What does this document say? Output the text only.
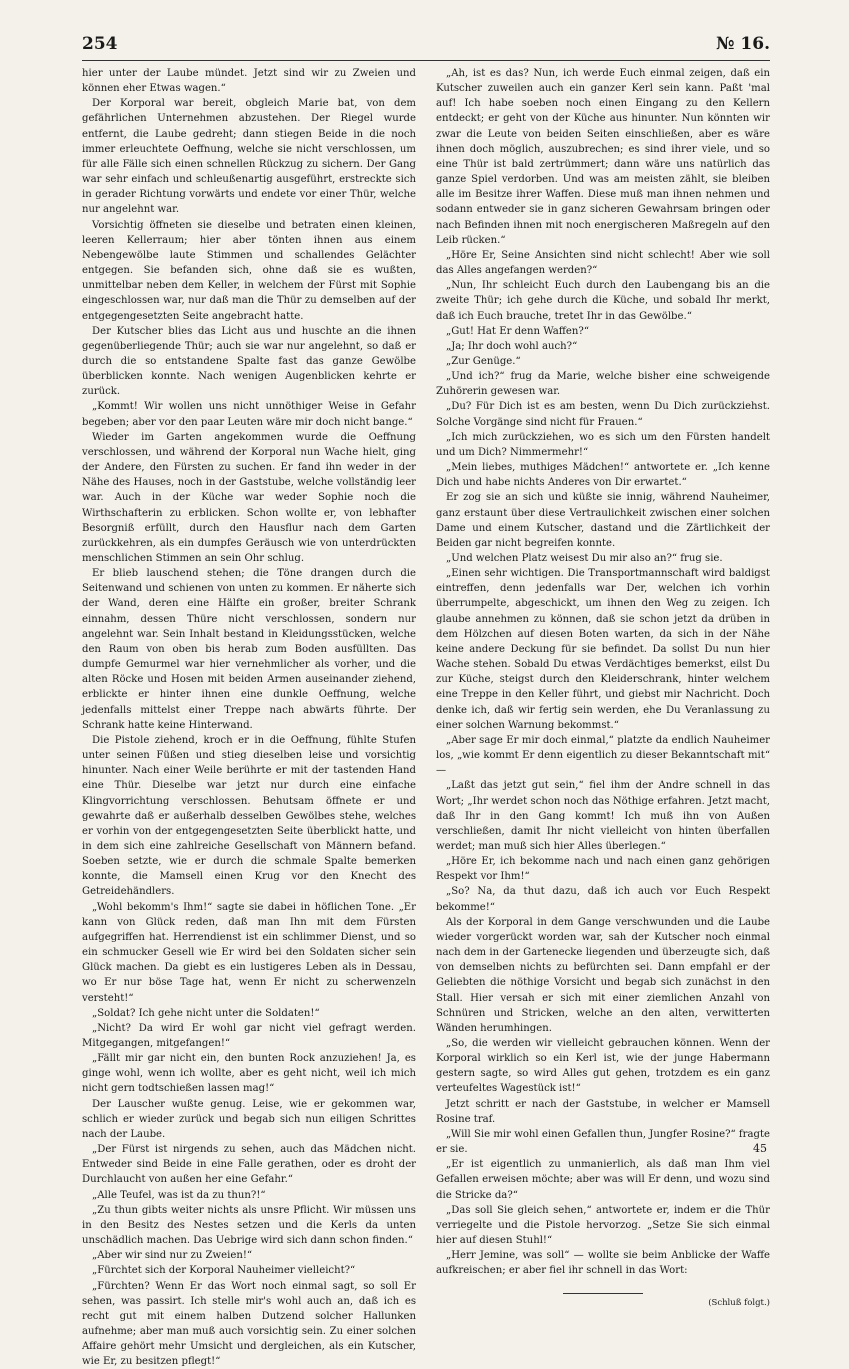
254	№ 16.

hier unter der Laube mündet. Jetzt sind wir zu Zweien und können eher Etwas wagen.“

Der Korporal war bereit, obgleich Marie bat, von dem gefährlichen Unternehmen abzustehen. Der Riegel wurde entfernt, die Laube gedreht; dann stiegen Beide in die noch immer erleuchtete Oeffnung, welche sie nicht verschlossen, um für alle Fälle sich einen schnellen Rückzug zu sichern. Der Gang war sehr einfach und schleußenartig ausgeführt, erstreckte sich in gerader Richtung vorwärts und endete vor einer Thür, welche nur angelehnt war.

Vorsichtig öffneten sie dieselbe und betraten einen kleinen, leeren Kellerraum; hier aber tönten ihnen aus einem Nebengewölbe laute Stimmen und schallendes Gelächter entgegen. Sie befanden sich, ohne daß sie es wußten, unmittelbar neben dem Keller, in welchem der Fürst mit Sophie eingeschlossen war, nur daß man die Thür zu demselben auf der entgegengesetzten Seite angebracht hatte.

Der Kutscher blies das Licht aus und huschte an die ihnen gegenüberliegende Thür; auch sie war nur angelehnt, so daß er durch die so entstandene Spalte fast das ganze Gewölbe überblicken konnte. Nach wenigen Augenblicken kehrte er zurück.

„Kommt! Wir wollen uns nicht unnöthiger Weise in Gefahr begeben; aber vor den paar Leuten wäre mir doch nicht bange.“

Wieder im Garten angekommen wurde die Oeffnung verschlossen, und während der Korporal nun Wache hielt, ging der Andere, den Fürsten zu suchen. Er fand ihn weder in der Nähe des Hauses, noch in der Gaststube, welche vollständig leer war. Auch in der Küche war weder Sophie noch die Wirthschafterin zu erblicken. Schon wollte er, von lebhafter Besorgniß erfüllt, durch den Hausflur nach dem Garten zurückkehren, als ein dumpfes Geräusch wie von unterdrückten menschlichen Stimmen an sein Ohr schlug.

Er blieb lauschend stehen; die Töne drangen durch die Seitenwand und schienen von unten zu kommen. Er näherte sich der Wand, deren eine Hälfte ein großer, breiter Schrank einnahm, dessen Thüre nicht verschlossen, sondern nur angelehnt war. Sein Inhalt bestand in Kleidungsstücken, welche den Raum von oben bis herab zum Boden ausfüllten. Das dumpfe Gemurmel war hier vernehmlicher als vorher, und die alten Röcke und Hosen mit beiden Armen auseinander ziehend, erblickte er hinter ihnen eine dunkle Oeffnung, welche jedenfalls mittelst einer Treppe nach abwärts führte. Der Schrank hatte keine Hinterwand.

Die Pistole ziehend, kroch er in die Oeffnung, fühlte Stufen unter seinen Füßen und stieg dieselben leise und vorsichtig hinunter. Nach einer Weile berührte er mit der tastenden Hand eine Thür. Dieselbe war jetzt nur durch eine einfache Klingvorrichtung verschlossen. Behutsam öffnete er und gewahrte daß er außerhalb desselben Gewölbes stehe, welches er vorhin von der entgegengesetzten Seite überblickt hatte, und in dem sich eine zahlreiche Gesellschaft von Männern befand. Soeben setzte, wie er durch die schmale Spalte bemerken konnte, die Mamsell einen Krug vor den Knecht des Getreidehändlers.

„Wohl bekomm's Ihm!“ sagte sie dabei in höflichen Tone. „Er kann von Glück reden, daß man Ihn mit dem Fürsten aufgegriffen hat. Herrendienst ist ein schlimmer Dienst, und so ein schmucker Gesell wie Er wird bei den Soldaten sicher sein Glück machen. Da giebt es ein lustigeres Leben als in Dessau, wo Er nur böse Tage hat, wenn Er nicht zu scherwenzeln versteht!“

„Soldat? Ich gehe nicht unter die Soldaten!“

„Nicht? Da wird Er wohl gar nicht viel gefragt werden. Mitgegangen, mitgefangen!“

„Fällt mir gar nicht ein, den bunten Rock anzuziehen! Ja, es ginge wohl, wenn ich wollte, aber es geht nicht, weil ich mich nicht gern todtschießen lassen mag!“

Der Lauscher wußte genug. Leise, wie er gekommen war, schlich er wieder zurück und begab sich nun eiligen Schrittes nach der Laube.

„Der Fürst ist nirgends zu sehen, auch das Mädchen nicht. Entweder sind Beide in eine Falle gerathen, oder es droht der Durchlaucht von außen her eine Gefahr.“

„Alle Teufel, was ist da zu thun?!“

„Zu thun gibts weiter nichts als unsre Pflicht. Wir müssen uns in den Besitz des Nestes setzen und die Kerls da unten unschädlich machen. Das Uebrige wird sich dann schon finden.“

„Aber wir sind nur zu Zweien!“

„Fürchtet sich der Korporal Nauheimer vielleicht?“

„Fürchten? Wenn Er das Wort noch einmal sagt, so soll Er sehen, was passirt. Ich stelle mir's wohl auch an, daß ich es recht gut mit einem halben Dutzend solcher Hallunken aufnehme; aber man muß auch vorsichtig sein. Zu einer solchen Affaire gehört mehr Umsicht und dergleichen, als ein Kutscher, wie Er, zu besitzen pflegt!“

„Ah, ist es das? Nun, ich werde Euch einmal zeigen, daß ein Kutscher zuweilen auch ein ganzer Kerl sein kann. Paßt 'mal auf! Ich habe soeben noch einen Eingang zu den Kellern entdeckt; er geht von der Küche aus hinunter. Nun könnten wir zwar die Leute von beiden Seiten einschließen, aber es wäre ihnen doch möglich, auszubrechen; es sind ihrer viele, und so eine Thür ist bald zertrümmert; dann wäre uns natürlich das ganze Spiel verdorben. Und was am meisten zählt, sie bleiben alle im Besitze ihrer Waffen. Diese muß man ihnen nehmen und sodann entweder sie in ganz sicheren Gewahrsam bringen oder nach Befinden ihnen mit noch energischeren Maßregeln auf den Leib rücken.“

„Höre Er, Seine Ansichten sind nicht schlecht! Aber wie soll das Alles angefangen werden?“

„Nun, Ihr schleicht Euch durch den Laubengang bis an die zweite Thür; ich gehe durch die Küche, und sobald Ihr merkt, daß ich Euch brauche, tretet Ihr in das Gewölbe.“

„Gut! Hat Er denn Waffen?“

„Ja; Ihr doch wohl auch?“

„Zur Genüge.“

„Und ich?“ frug da Marie, welche bisher eine schweigende Zuhörerin gewesen war.

„Du? Für Dich ist es am besten, wenn Du Dich zurückziehst. Solche Vorgänge sind nicht für Frauen.“

„Ich mich zurückziehen, wo es sich um den Fürsten handelt und um Dich? Nimmermehr!“

„Mein liebes, muthiges Mädchen!“ antwortete er. „Ich kenne Dich und habe nichts Anderes von Dir erwartet.“

Er zog sie an sich und küßte sie innig, während Nauheimer, ganz erstaunt über diese Vertraulichkeit zwischen einer solchen Dame und einem Kutscher, dastand und die Zärtlichkeit der Beiden gar nicht begreifen konnte.

„Und welchen Platz weisest Du mir also an?“ frug sie.

„Einen sehr wichtigen. Die Transportmannschaft wird baldigst eintreffen, denn jedenfalls war Der, welchen ich vorhin überrumpelte, abgeschickt, um ihnen den Weg zu zeigen. Ich glaube annehmen zu können, daß sie schon jetzt da drüben in dem Hölzchen auf diesen Boten warten, da sich in der Nähe keine andere Deckung für sie befindet. Da sollst Du nun hier Wache stehen. Sobald Du etwas Verdächtiges bemerkst, eilst Du zur Küche, steigst durch den Kleiderschrank, hinter welchem eine Treppe in den Keller führt, und giebst mir Nachricht. Doch denke ich, daß wir fertig sein werden, ehe Du Veranlassung zu einer solchen Warnung bekommst.“

„Aber sage Er mir doch einmal,“ platzte da endlich Nauheimer los, „wie kommt Er denn eigentlich zu dieser Bekanntschaft mit“ —

„Laßt das jetzt gut sein,“ fiel ihm der Andre schnell in das Wort; „Ihr werdet schon noch das Nöthige erfahren. Jetzt macht, daß Ihr in den Gang kommt! Ich muß ihn von Außen verschließen, damit Ihr nicht vielleicht von hinten überfallen werdet; man muß sich hier Alles überlegen.“

„Höre Er, ich bekomme nach und nach einen ganz gehörigen Respekt vor Ihm!“

„So? Na, da thut dazu, daß ich auch vor Euch Respekt bekomme!“

Als der Korporal in dem Gange verschwunden und die Laube wieder vorgerückt worden war, sah der Kutscher noch einmal nach dem in der Gartenecke liegenden und überzeugte sich, daß von demselben nichts zu befürchten sei. Dann empfahl er der Geliebten die nöthige Vorsicht und begab sich zunächst in den Stall. Hier versah er sich mit einer ziemlichen Anzahl von Schnüren und Stricken, welche an den alten, verwitterten Wänden herumhingen.

„So, die werden wir vielleicht gebrauchen können. Wenn der Korporal wirklich so ein Kerl ist, wie der junge Habermann gestern sagte, so wird Alles gut gehen, trotzdem es ein ganz verteufeltes Wagestück ist!“

Jetzt schritt er nach der Gaststube, in welcher er Mamsell Rosine traf.

„Will Sie mir wohl einen Gefallen thun, Jungfer Rosine?“ fragte er sie.

„Er ist eigentlich zu unmanierlich, als daß man Ihm viel Gefallen erweisen möchte; aber was will Er denn, und wozu sind die Stricke da?“

„Das soll Sie gleich sehen,“ antwortete er, indem er die Thür verriegelte und die Pistole hervorzog. „Setze Sie sich einmal hier auf diesen Stuhl!“

„Herr Jemine, was soll“ — wollte sie beim Anblicke der Waffe aufkreischen; er aber fiel ihr schnell in das Wort:

(Schluß folgt.)
45
